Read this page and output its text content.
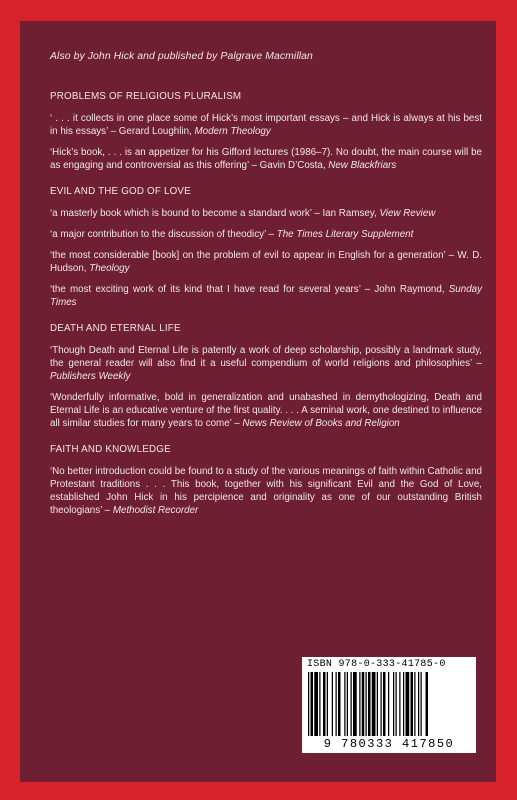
Also by John Hick and published by Palgrave Macmillan
PROBLEMS OF RELIGIOUS PLURALISM
‘ . . . it collects in one place some of Hick’s most important essays – and Hick is always at his best in his essays’ – Gerard Loughlin, Modern Theology
‘Hick’s book, . . . is an appetizer for his Gifford lectures (1986–7). No doubt, the main course will be as engaging and controversial as this offering’ – Gavin D’Costa, New Blackfriars
EVIL AND THE GOD OF LOVE
‘a masterly book which is bound to become a standard work’ – Ian Ramsey, View Review
‘a major contribution to the discussion of theodicy’ – The Times Literary Supplement
‘the most considerable [book] on the problem of evil to appear in English for a generation’ – W. D. Hudson, Theology
‘the most exciting work of its kind that I have read for several years’ – John Raymond, Sunday Times
DEATH AND ETERNAL LIFE
‘Though Death and Eternal Life is patently a work of deep scholarship, possibly a landmark study, the general reader will also find it a useful compendium of world religions and philosophies’ – Publishers Weekly
‘Wonderfully informative, bold in generalization and unabashed in demythologizing, Death and Eternal Life is an educative venture of the first quality. . . . A seminal work, one destined to influence all similar studies for many years to come’ – News Review of Books and Religion
FAITH AND KNOWLEDGE
‘No better introduction could be found to a study of the various meanings of faith within Catholic and Protestant traditions . . . This book, together with his significant Evil and the God of Love, established John Hick in his percipience and originality as one of our outstanding British theologians’ – Methodist Recorder
ISBN 978-0-333-41785-0
9 780333 417850
